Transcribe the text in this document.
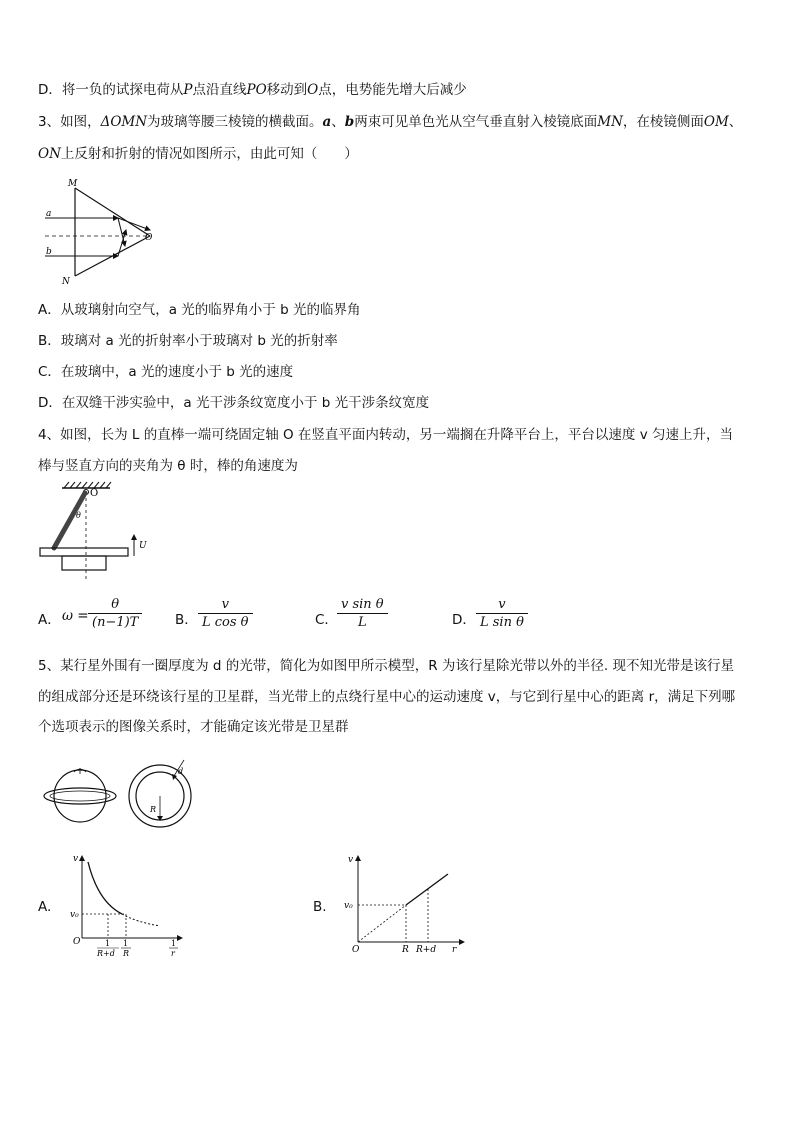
D．将一负的试探电荷从P点沿直线PO移动到O点，电势能先增大后减少
3、如图，ΔOMN为玻璃等腰三棱镜的横截面。a、b两束可见单色光从空气垂直射入棱镜底面MN，在棱镜侧面OM、
ON上反射和折射的情况如图所示，由此可知（　　）
M
N
O
a
b
A．从玻璃射向空气，a 光的临界角小于 b 光的临界角
B．玻璃对 a 光的折射率小于玻璃对 b 光的折射率
C．在玻璃中，a 光的速度小于 b 光的速度
D．在双缝干涉实验中，a 光干涉条纹宽度小于 b 光干涉条纹宽度
4、如图，长为 L 的直棒一端可绕固定轴 O 在竖直平面内转动，另一端搁在升降平台上，平台以速度 v 匀速上升，当
棒与竖直方向的夹角为 θ 时，棒的角速度为
O
θ
U
A． $\omega = \frac{\theta}{(n-1)T}$ B． $\frac{v}{\text{L cos θ}}$	C． $\frac{\text{v sin θ}}{L}$	D． $\frac{v}{\text{L sin θ}}$
5、某行星外围有一圈厚度为 d 的光带，简化为如图甲所示模型，R 为该行星除光带以外的半径. 现不知光带是该行星
的组成部分还是环绕该行星的卫星群，当光带上的点绕行星中心的运动速度 v，与它到行星中心的距离 r，满足下列哪
个选项表示的图像关系时，才能确定该光带是卫星群
d
R
A.
v
v₀
O	1
R+d
1
R
1
r
B.
v
v₀
O	R R+d r
